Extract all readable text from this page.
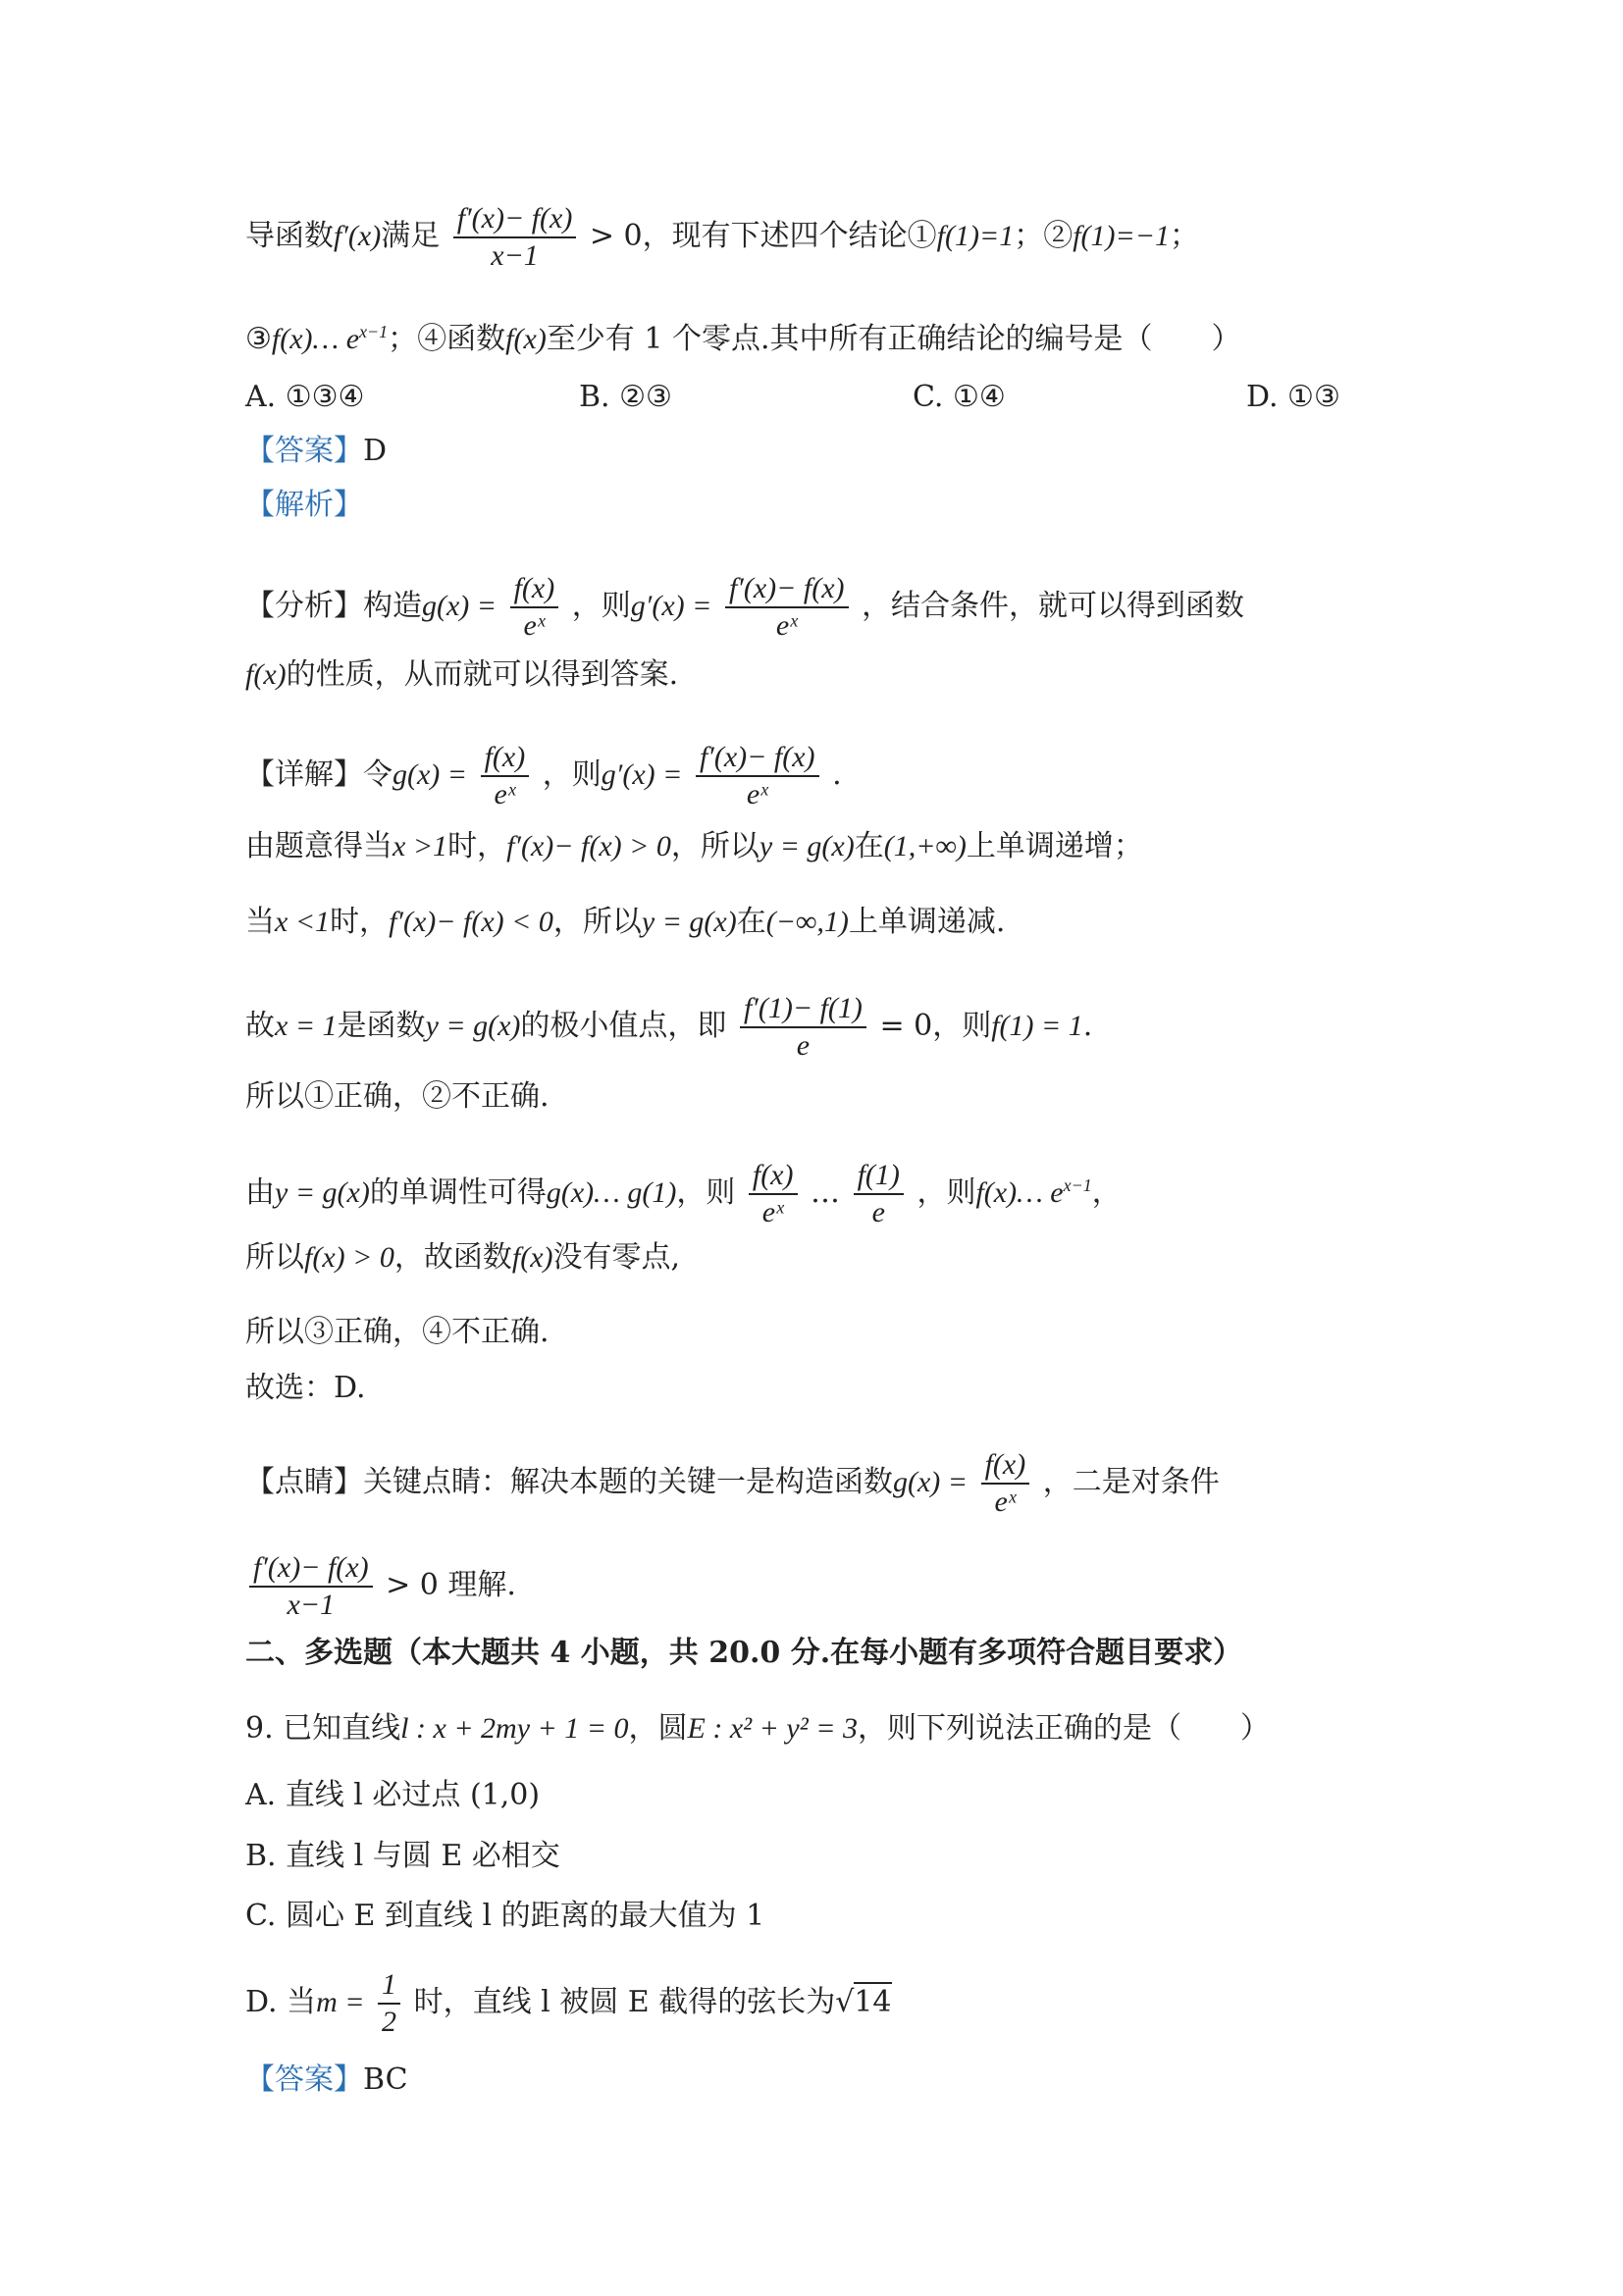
导函数f′(x)满足 $\frac{f'(x)- f(x)}{x-1} > 0$，现有下述四个结论①f(1)=1；②f(1)=−1；
③f(x)… $e^{x-1}$；④函数f(x)至少有 1 个零点.其中所有正确结论的编号是（　　）
A. ①③④	B. ②③	C. ①④	D. ①③
【答案】D
【解析】
【分析】构造$g(x) = \frac{f(x)}{\text{eˣ}}$ ，则$g'(x) = \frac{f'(x)- f(x)}{\text{eˣ}}$ ，结合条件，就可以得到函数
f(x)的性质，从而就可以得到答案.
【详解】令$g(x) = \frac{f(x)}{\text{eˣ}}$ ，则$g'(x) = \frac{f'(x)- f(x)}{\text{eˣ}}$ .
由题意得当x >1时，f′(x)− f(x) > 0，所以y = g(x)在(1,+∞)上单调递增；
当x <1时，f′(x)− f(x) < 0，所以y = g(x)在(−∞,1)上单调递减.
故x = 1是函数y = g(x)的极小值点，即 $\frac{f'(1)- f(1)}{e} = 0$，则f(1) = 1.
所以①正确，②不正确.
由y = g(x)的单调性可得g(x)… g(1)，则 $\frac{f(x)}{\text{eˣ}}$ … $\frac{f(1)}{e}$ ，则f(x)… $e^{x-1}$，
所以f(x) > 0，故函数f(x)没有零点,
所以③正确，④不正确.
故选：D.
【点睛】关键点睛：解决本题的关键一是构造函数$g(x) = \frac{f(x)}{\text{eˣ}}$ ，二是对条件
$\frac{f'(x)- f(x)}{x-1} > 0$ 理解.
二、多选题（本大题共 4 小题，共 20.0 分.在每小题有多项符合题目要求）
9. 已知直线l : x + 2my + 1 = 0，圆E : x² + y² = 3，则下列说法正确的是（　　）
A. 直线 l 必过点 (1,0)
B. 直线 l 与圆 E 必相交
C. 圆心 E 到直线 l 的距离的最大值为 1
D. 当$m = \frac{1}{2}$ 时，直线 l 被圆 E 截得的弦长为√14
【答案】BC
